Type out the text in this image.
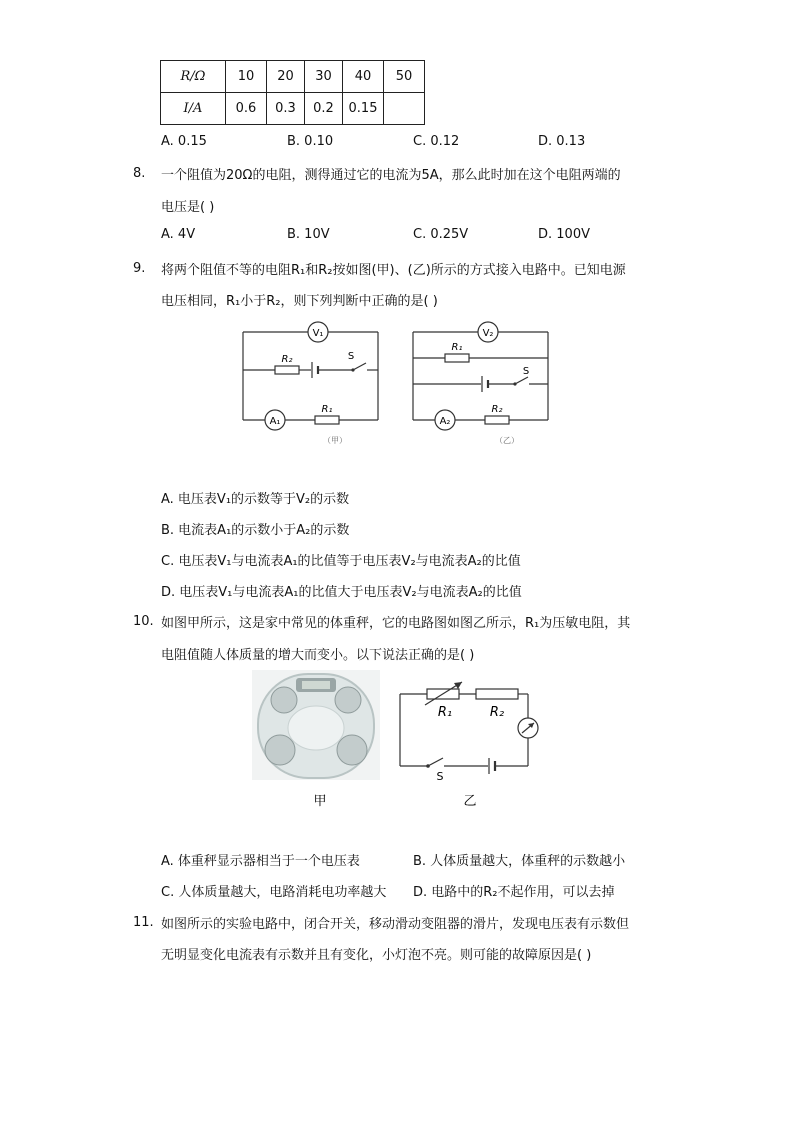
R/Ω	10	20	30	40	50
I/A	0.6	0.3	0.2	0.15	
A. 0.15	B. 0.10	C. 0.12	D. 0.13
8. 一个阻值为20Ω的电阻，测得通过它的电流为5A，那么此时加在这个电阻两端的
电压是( )
A. 4V	B. 10V	C. 0.25V	D. 100V
9. 将两个阻值不等的电阻R₁和R₂按如图(甲)、(乙)所示的方式接入电路中。已知电源
电压相同，R₁小于R₂，则下列判断中正确的是( )
V₁
R₂	S
A₁
R₁
（甲）
V₂
R₁
S
A₂
R₂
（乙）
A. 电压表V₁的示数等于V₂的示数
B. 电流表A₁的示数小于A₂的示数
C. 电压表V₁与电流表A₁的比值等于电压表V₂与电流表A₂的比值
D. 电压表V₁与电流表A₁的比值大于电压表V₂与电流表A₂的比值
10. 如图甲所示，这是家中常见的体重秤，它的电路图如图乙所示，R₁为压敏电阻，其
电阻值随人体质量的增大而变小。以下说法正确的是( )
甲
R₁	R₂
S
乙
A. 体重秤显示器相当于一个电压表	B. 人体质量越大，体重秤的示数越小
C. 人体质量越大，电路消耗电功率越大 D. 电路中的R₂不起作用，可以去掉
11. 如图所示的实验电路中，闭合开关，移动滑动变阻器的滑片，发现电压表有示数但
无明显变化电流表有示数并且有变化，小灯泡不亮。则可能的故障原因是( )
